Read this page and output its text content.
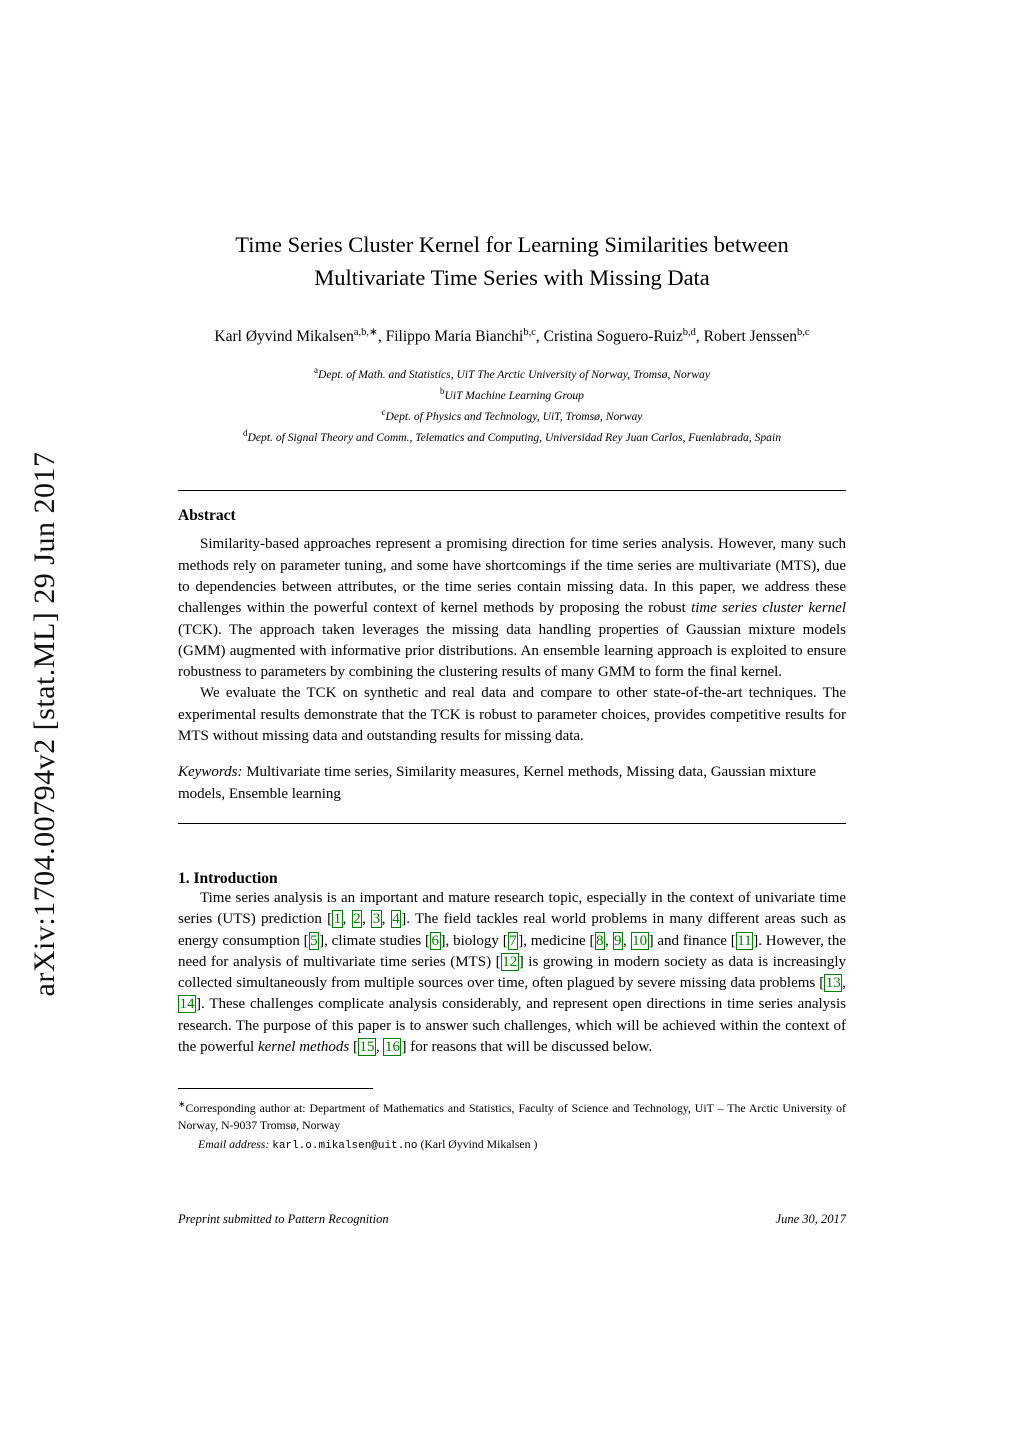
arXiv:1704.00794v2 [stat.ML] 29 Jun 2017
Time Series Cluster Kernel for Learning Similarities between
Multivariate Time Series with Missing Data
Karl Øyvind Mikalsen$^{a,b,∗}$, Filippo Maria Bianchi$^{b,c}$, Cristina Soguero-Ruiz$^{b,d}$, Robert Jenssen$^{b,c}$
$^a$Dept. of Math. and Statistics, UiT The Arctic University of Norway, Tromsø, Norway
$^b$UiT Machine Learning Group
$^c$Dept. of Physics and Technology, UiT, Tromsø, Norway
$^d$Dept. of Signal Theory and Comm., Telematics and Computing, Universidad Rey Juan Carlos, Fuenlabrada, Spain
Abstract

Similarity-based approaches represent a promising direction for time series analysis. However, many such methods rely on parameter tuning, and some have shortcomings if the time series are multivariate (MTS), due to dependencies between attributes, or the time series contain missing data. In this paper, we address these challenges within the powerful context of kernel methods by proposing the robust time series cluster kernel (TCK). The approach taken leverages the missing data handling properties of Gaussian mixture models (GMM) augmented with informative prior distributions. An ensemble learning approach is exploited to ensure robustness to parameters by combining the clustering results of many GMM to form the final kernel.

We evaluate the TCK on synthetic and real data and compare to other state-of-the-art techniques. The experimental results demonstrate that the TCK is robust to parameter choices, provides competitive results for MTS without missing data and outstanding results for missing data.

Keywords: Multivariate time series, Similarity measures, Kernel methods, Missing data, Gaussian mixture models, Ensemble learning
1. Introduction

Time series analysis is an important and mature research topic, especially in the context of univariate time series (UTS) prediction [ 1 , 2 , 3 , 4 ]. The field tackles real world problems in many different areas such as energy consumption [ 5 ], climate studies [ 6 ], biology [ 7 ], medicine [ 8 , 9 , 10 ] and finance [ 11 ]. However, the need for analysis of multivariate time series (MTS) [ 12 ] is growing in modern society as data is increasingly collected simultaneously from multiple sources over time, often plagued by severe missing data problems [ 13 , 14 ]. These challenges complicate analysis considerably, and represent open directions in time series analysis research. The purpose of this paper is to answer such challenges, which will be achieved within the context of the powerful kernel methods [ 15 , 16 ] for reasons that will be discussed below.

∗Corresponding author at: Department of Mathematics and Statistics, Faculty of Science and Technology, UiT – The Arctic University of Norway, N-9037 Tromsø, Norway
Email address: karl.o.mikalsen@uit.no (Karl Øyvind Mikalsen )
Preprint submitted to Pattern Recognition	June 30, 2017
